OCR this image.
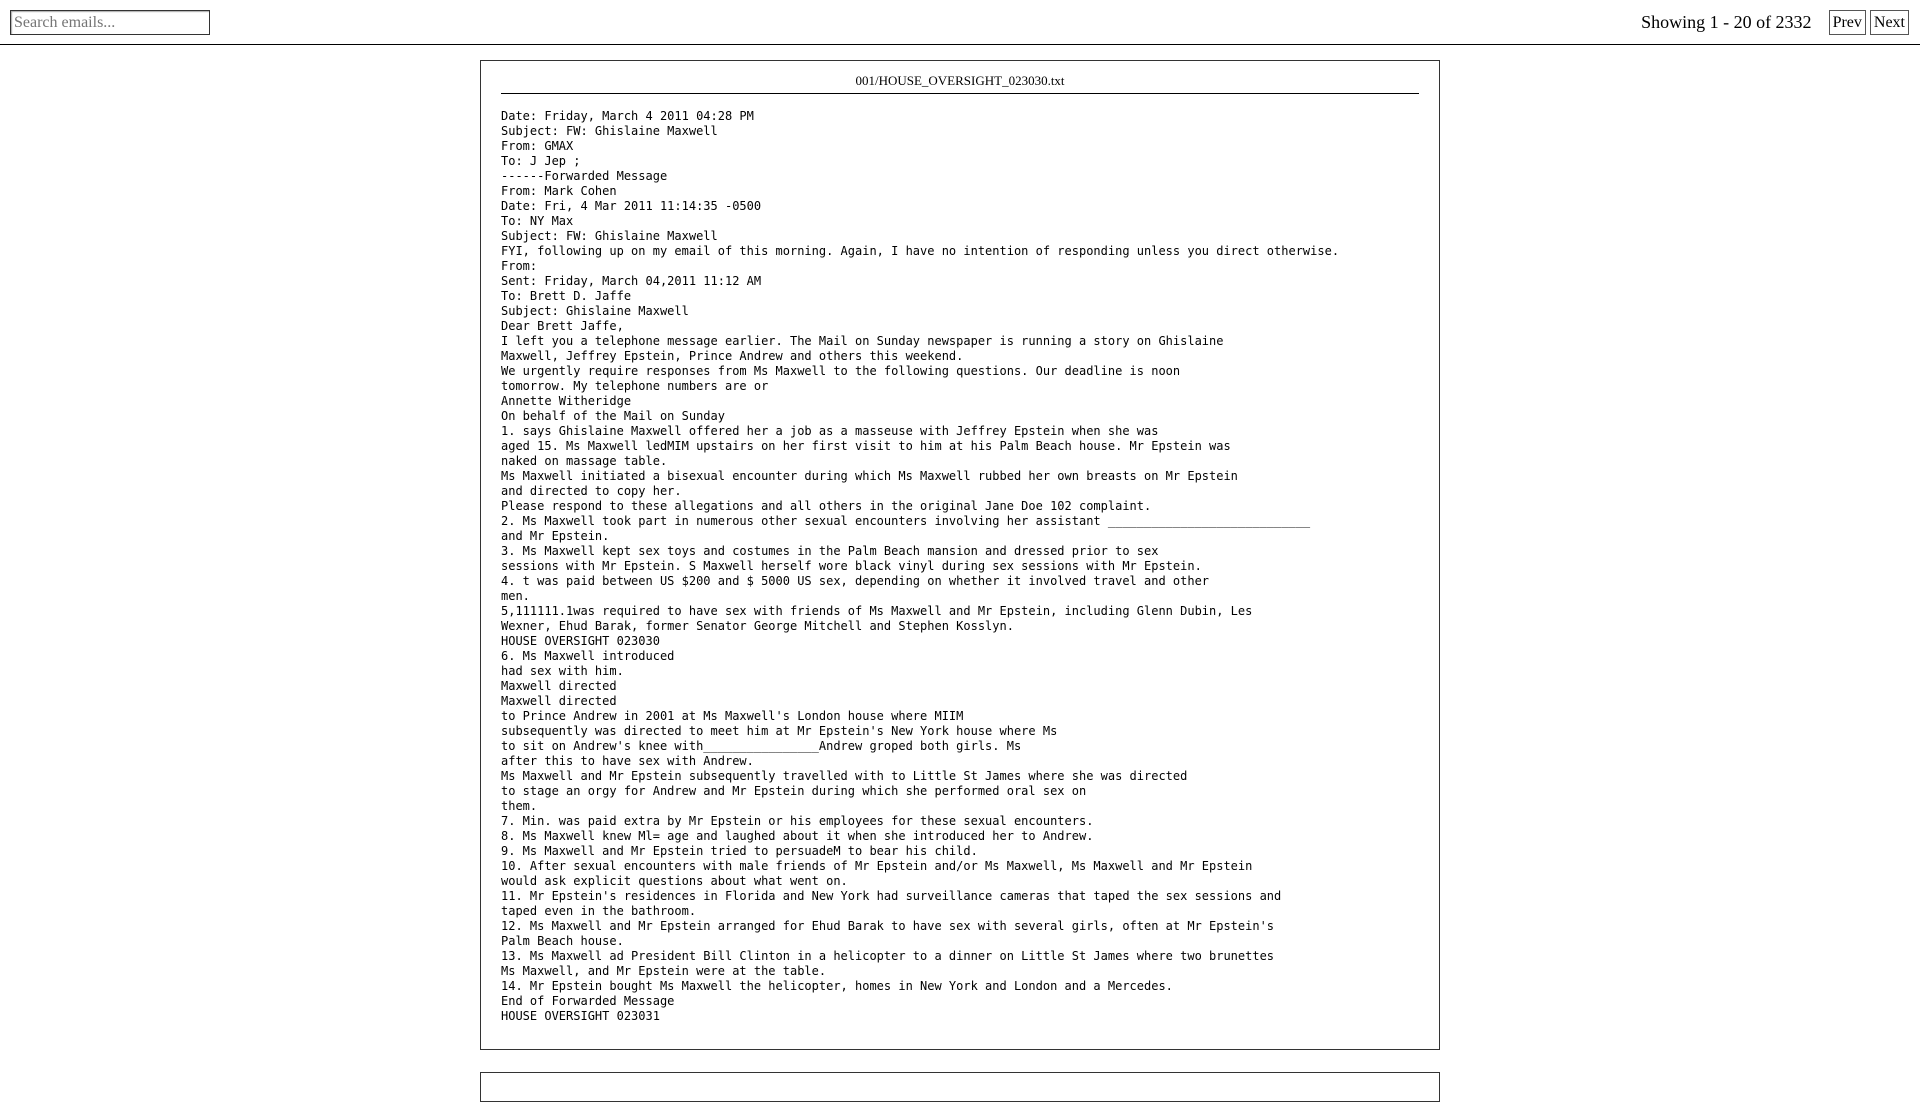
Search emails...
Showing 1 - 20 of 2332 Prev Next
001/HOUSE_OVERSIGHT_023030.txt
Date: Friday, March 4 2011 04:28 PM
Subject: FW: Ghislaine Maxwell
From: GMAX
To: J Jep ;
------Forwarded Message
From: Mark Cohen
Date: Fri, 4 Mar 2011 11:14:35 -0500
To: NY Max
Subject: FW: Ghislaine Maxwell
FYI, following up on my email of this morning. Again, I have no intention of responding unless you direct otherwise.
From:
Sent: Friday, March 04,2011 11:12 AM
To: Brett D. Jaffe
Subject: Ghislaine Maxwell
Dear Brett Jaffe,
I left you a telephone message earlier. The Mail on Sunday newspaper is running a story on Ghislaine
Maxwell, Jeffrey Epstein, Prince Andrew and others this weekend.
We urgently require responses from Ms Maxwell to the following questions. Our deadline is noon
tomorrow. My telephone numbers are or
Annette Witheridge
On behalf of the Mail on Sunday
1. says Ghislaine Maxwell offered her a job as a masseuse with Jeffrey Epstein when she was
aged 15. Ms Maxwell ledMIM upstairs on her first visit to him at his Palm Beach house. Mr Epstein was
naked on massage table.
Ms Maxwell initiated a bisexual encounter during which Ms Maxwell rubbed her own breasts on Mr Epstein
and directed to copy her.
Please respond to these allegations and all others in the original Jane Doe 102 complaint.
2. Ms Maxwell took part in numerous other sexual encounters involving her assistant ____________________________
and Mr Epstein.
3. Ms Maxwell kept sex toys and costumes in the Palm Beach mansion and dressed prior to sex
sessions with Mr Epstein. S Maxwell herself wore black vinyl during sex sessions with Mr Epstein.
4. t was paid between US $200 and $ 5000 US sex, depending on whether it involved travel and other
men.
5,111111.1was required to have sex with friends of Ms Maxwell and Mr Epstein, including Glenn Dubin, Les
Wexner, Ehud Barak, former Senator George Mitchell and Stephen Kosslyn.
HOUSE OVERSIGHT 023030
6. Ms Maxwell introduced
had sex with him.
Maxwell directed
Maxwell directed
to Prince Andrew in 2001 at Ms Maxwell's London house where MIIM
subsequently was directed to meet him at Mr Epstein's New York house where Ms
to sit on Andrew's knee with________________Andrew groped both girls. Ms
after this to have sex with Andrew.
Ms Maxwell and Mr Epstein subsequently travelled with to Little St James where she was directed
to stage an orgy for Andrew and Mr Epstein during which she performed oral sex on
them.
7. Min. was paid extra by Mr Epstein or his employees for these sexual encounters.
8. Ms Maxwell knew Ml= age and laughed about it when she introduced her to Andrew.
9. Ms Maxwell and Mr Epstein tried to persuadeM to bear his child.
10. After sexual encounters with male friends of Mr Epstein and/or Ms Maxwell, Ms Maxwell and Mr Epstein
would ask explicit questions about what went on.
11. Mr Epstein's residences in Florida and New York had surveillance cameras that taped the sex sessions and
taped even in the bathroom.
12. Ms Maxwell and Mr Epstein arranged for Ehud Barak to have sex with several girls, often at Mr Epstein's
Palm Beach house.
13. Ms Maxwell ad President Bill Clinton in a helicopter to a dinner on Little St James where two brunettes
Ms Maxwell, and Mr Epstein were at the table.
14. Mr Epstein bought Ms Maxwell the helicopter, homes in New York and London and a Mercedes.
End of Forwarded Message
HOUSE OVERSIGHT 023031
